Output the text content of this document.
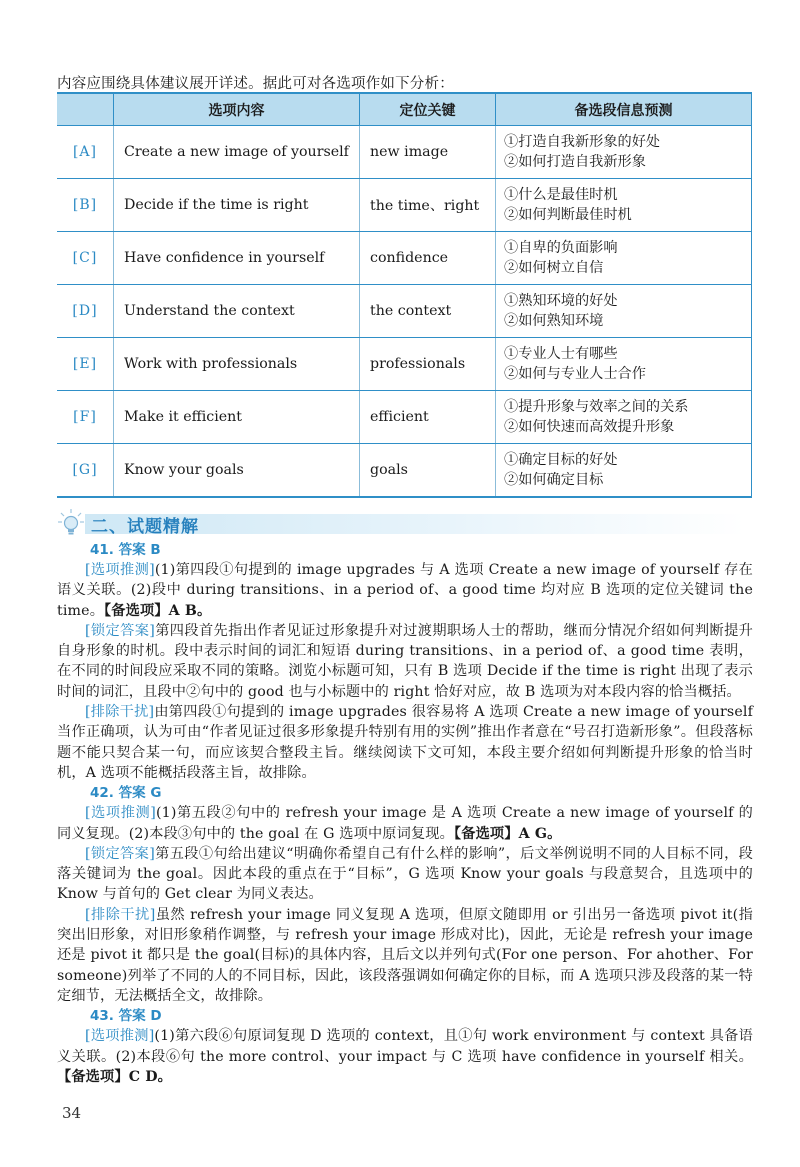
内容应围绕具体建议展开详述。据此可对各选项作如下分析：
	选项内容	定位关键	备选段信息预测
[A]	Create a new image of yourself	new image	①打造自我新形象的好处
②如何打造自我新形象

[B]	Decide if the time is right	the time、right	①什么是最佳时机
②如何判断最佳时机

[C]	Have confidence in yourself	confidence	①自卑的负面影响
②如何树立自信

[D]	Understand the context	the context	①熟知环境的好处
②如何熟知环境

[E]	Work with professionals	professionals	①专业人士有哪些
②如何与专业人士合作

[F]	Make it efficient	efficient	①提升形象与效率之间的关系
②如何快速而高效提升形象

[G]	Know your goals	goals	①确定目标的好处
②如何确定目标
二、试题精解
41. 答案 B

[选项推测](1)第四段①句提到的 image upgrades 与 A 选项 Create a new image of yourself 存在语义关联。(2)段中 during transitions、in a period of、a good time 均对应 B 选项的定位关键词 the time。【备选项】A B。

[锁定答案]第四段首先指出作者见证过形象提升对过渡期职场人士的帮助，继而分情况介绍如何判断提升自身形象的时机。段中表示时间的词汇和短语 during transitions、in a period of、a good time 表明，在不同的时间段应采取不同的策略。浏览小标题可知，只有 B 选项 Decide if the time is right 出现了表示时间的词汇，且段中②句中的 good 也与小标题中的 right 恰好对应，故 B 选项为对本段内容的恰当概括。

[排除干扰]由第四段①句提到的 image upgrades 很容易将 A 选项 Create a new image of yourself 当作正确项，认为可由“作者见证过很多形象提升特别有用的实例”推出作者意在“号召打造新形象”。但段落标题不能只契合某一句，而应该契合整段主旨。继续阅读下文可知，本段主要介绍如何判断提升形象的恰当时机，A 选项不能概括段落主旨，故排除。

42. 答案 G

[选项推测](1)第五段②句中的 refresh your image 是 A 选项 Create a new image of yourself 的同义复现。(2)本段③句中的 the goal 在 G 选项中原词复现。【备选项】A G。

[锁定答案]第五段①句给出建议“明确你希望自己有什么样的影响”，后文举例说明不同的人目标不同，段落关键词为 the goal。因此本段的重点在于“目标”，G 选项 Know your goals 与段意契合，且选项中的 Know 与首句的 Get clear 为同义表达。

[排除干扰]虽然 refresh your image 同义复现 A 选项，但原文随即用 or 引出另一备选项 pivot it(指突出旧形象，对旧形象稍作调整，与 refresh your image 形成对比)，因此，无论是 refresh your image 还是 pivot it 都只是 the goal(目标)的具体内容，且后文以并列句式(For one person、For ahother、For someone)列举了不同的人的不同目标，因此，该段落强调如何确定你的目标，而 A 选项只涉及段落的某一特定细节，无法概括全文，故排除。

43. 答案 D

[选项推测](1)第六段⑥句原词复现 D 选项的 context，且①句 work environment 与 context 具备语义关联。(2)本段⑥句 the more control、your impact 与 C 选项 have confidence in yourself 相关。【备选项】C D。

34
